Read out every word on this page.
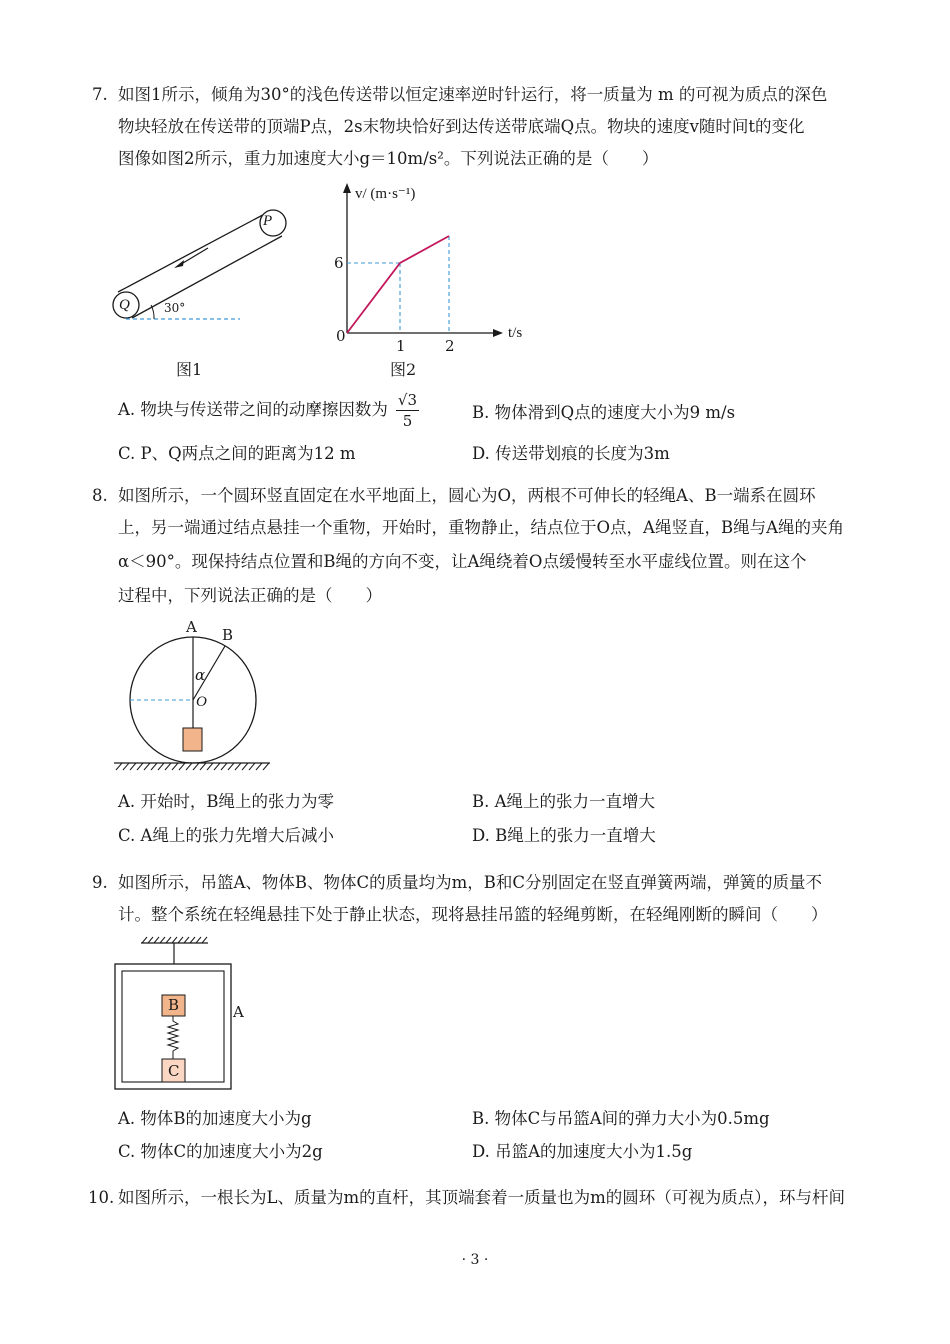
7. 如图1所示，倾角为30°的浅色传送带以恒定速率逆时针运行，将一质量为 m 的可视为质点的深色
物块轻放在传送带的顶端P点，2s末物块恰好到达传送带底端Q点。物块的速度v随时间t的变化
图像如图2所示，重力加速度大小g＝10m/s²。下列说法正确的是（　　）
P
Q	30°
图1
v/ (m·s⁻¹)
t/s
6
0
1	2
图2
A. 物块与传送带之间的动摩擦因数为 $\frac{√3}{5}$	B. 物体滑到Q点的速度大小为9 m/s
C. P、Q两点之间的距离为12 m	D. 传送带划痕的长度为3m
8. 如图所示，一个圆环竖直固定在水平地面上，圆心为O，两根不可伸长的轻绳A、B一端系在圆环
上，另一端通过结点悬挂一个重物，开始时，重物静止，结点位于O点，A绳竖直，B绳与A绳的夹角
α＜90°。现保持结点位置和B绳的方向不变，让A绳绕着O点缓慢转至水平虚线位置。则在这个
过程中，下列说法正确的是（　　）
A B
α
O
A. 开始时，B绳上的张力为零	B. A绳上的张力一直增大
C. A绳上的张力先增大后减小	D. B绳上的张力一直增大
9. 如图所示，吊篮A、物体B、物体C的质量均为m，B和C分别固定在竖直弹簧两端，弹簧的质量不
计。整个系统在轻绳悬挂下处于静止状态，现将悬挂吊篮的轻绳剪断，在轻绳刚断的瞬间（　　）
B
C
A
A. 物体B的加速度大小为g	B. 物体C与吊篮A间的弹力大小为0.5mg
C. 物体C的加速度大小为2g	D. 吊篮A的加速度大小为1.5g
10. 如图所示，一根长为L、质量为m的直杆，其顶端套着一质量也为m的圆环（可视为质点），环与杆间
· 3 ·
